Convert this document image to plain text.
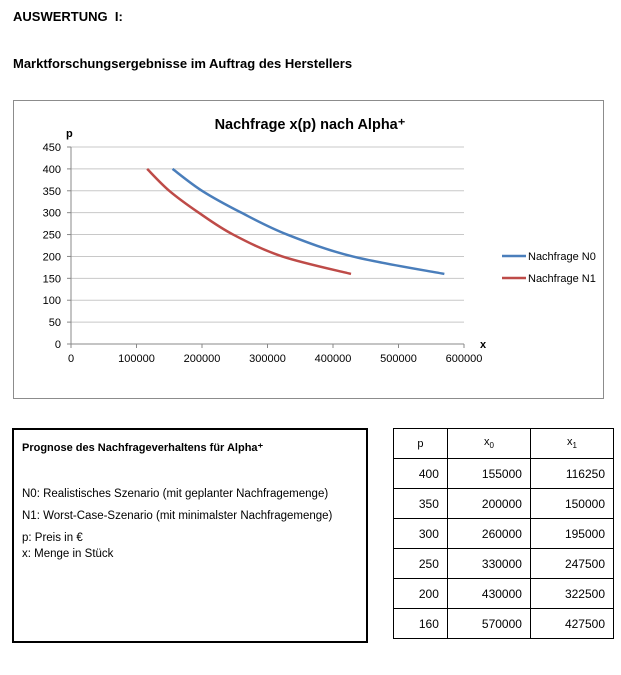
AUSWERTUNG  I:
Marktforschungsergebnisse im Auftrag des Herstellers
Nachfrage x(p) nach Alpha⁺
p
x
0
50
100
150
200
250
300
350
400
450
0	100000	200000	300000	400000	500000	600000
Nachfrage N0
Nachfrage N1
Prognose des Nachfrageverhaltens für Alpha⁺
N0: Realistisches Szenario (mit geplanter Nachfragemenge)
N1: Worst-Case-Szenario (mit minimalster Nachfragemenge)
p: Preis in €
x: Menge in Stück
p	$x_0$	$x_1$
400	155000	116250
350	200000	150000
300	260000	195000
250	330000	247500
200	430000	322500
160	570000	427500
